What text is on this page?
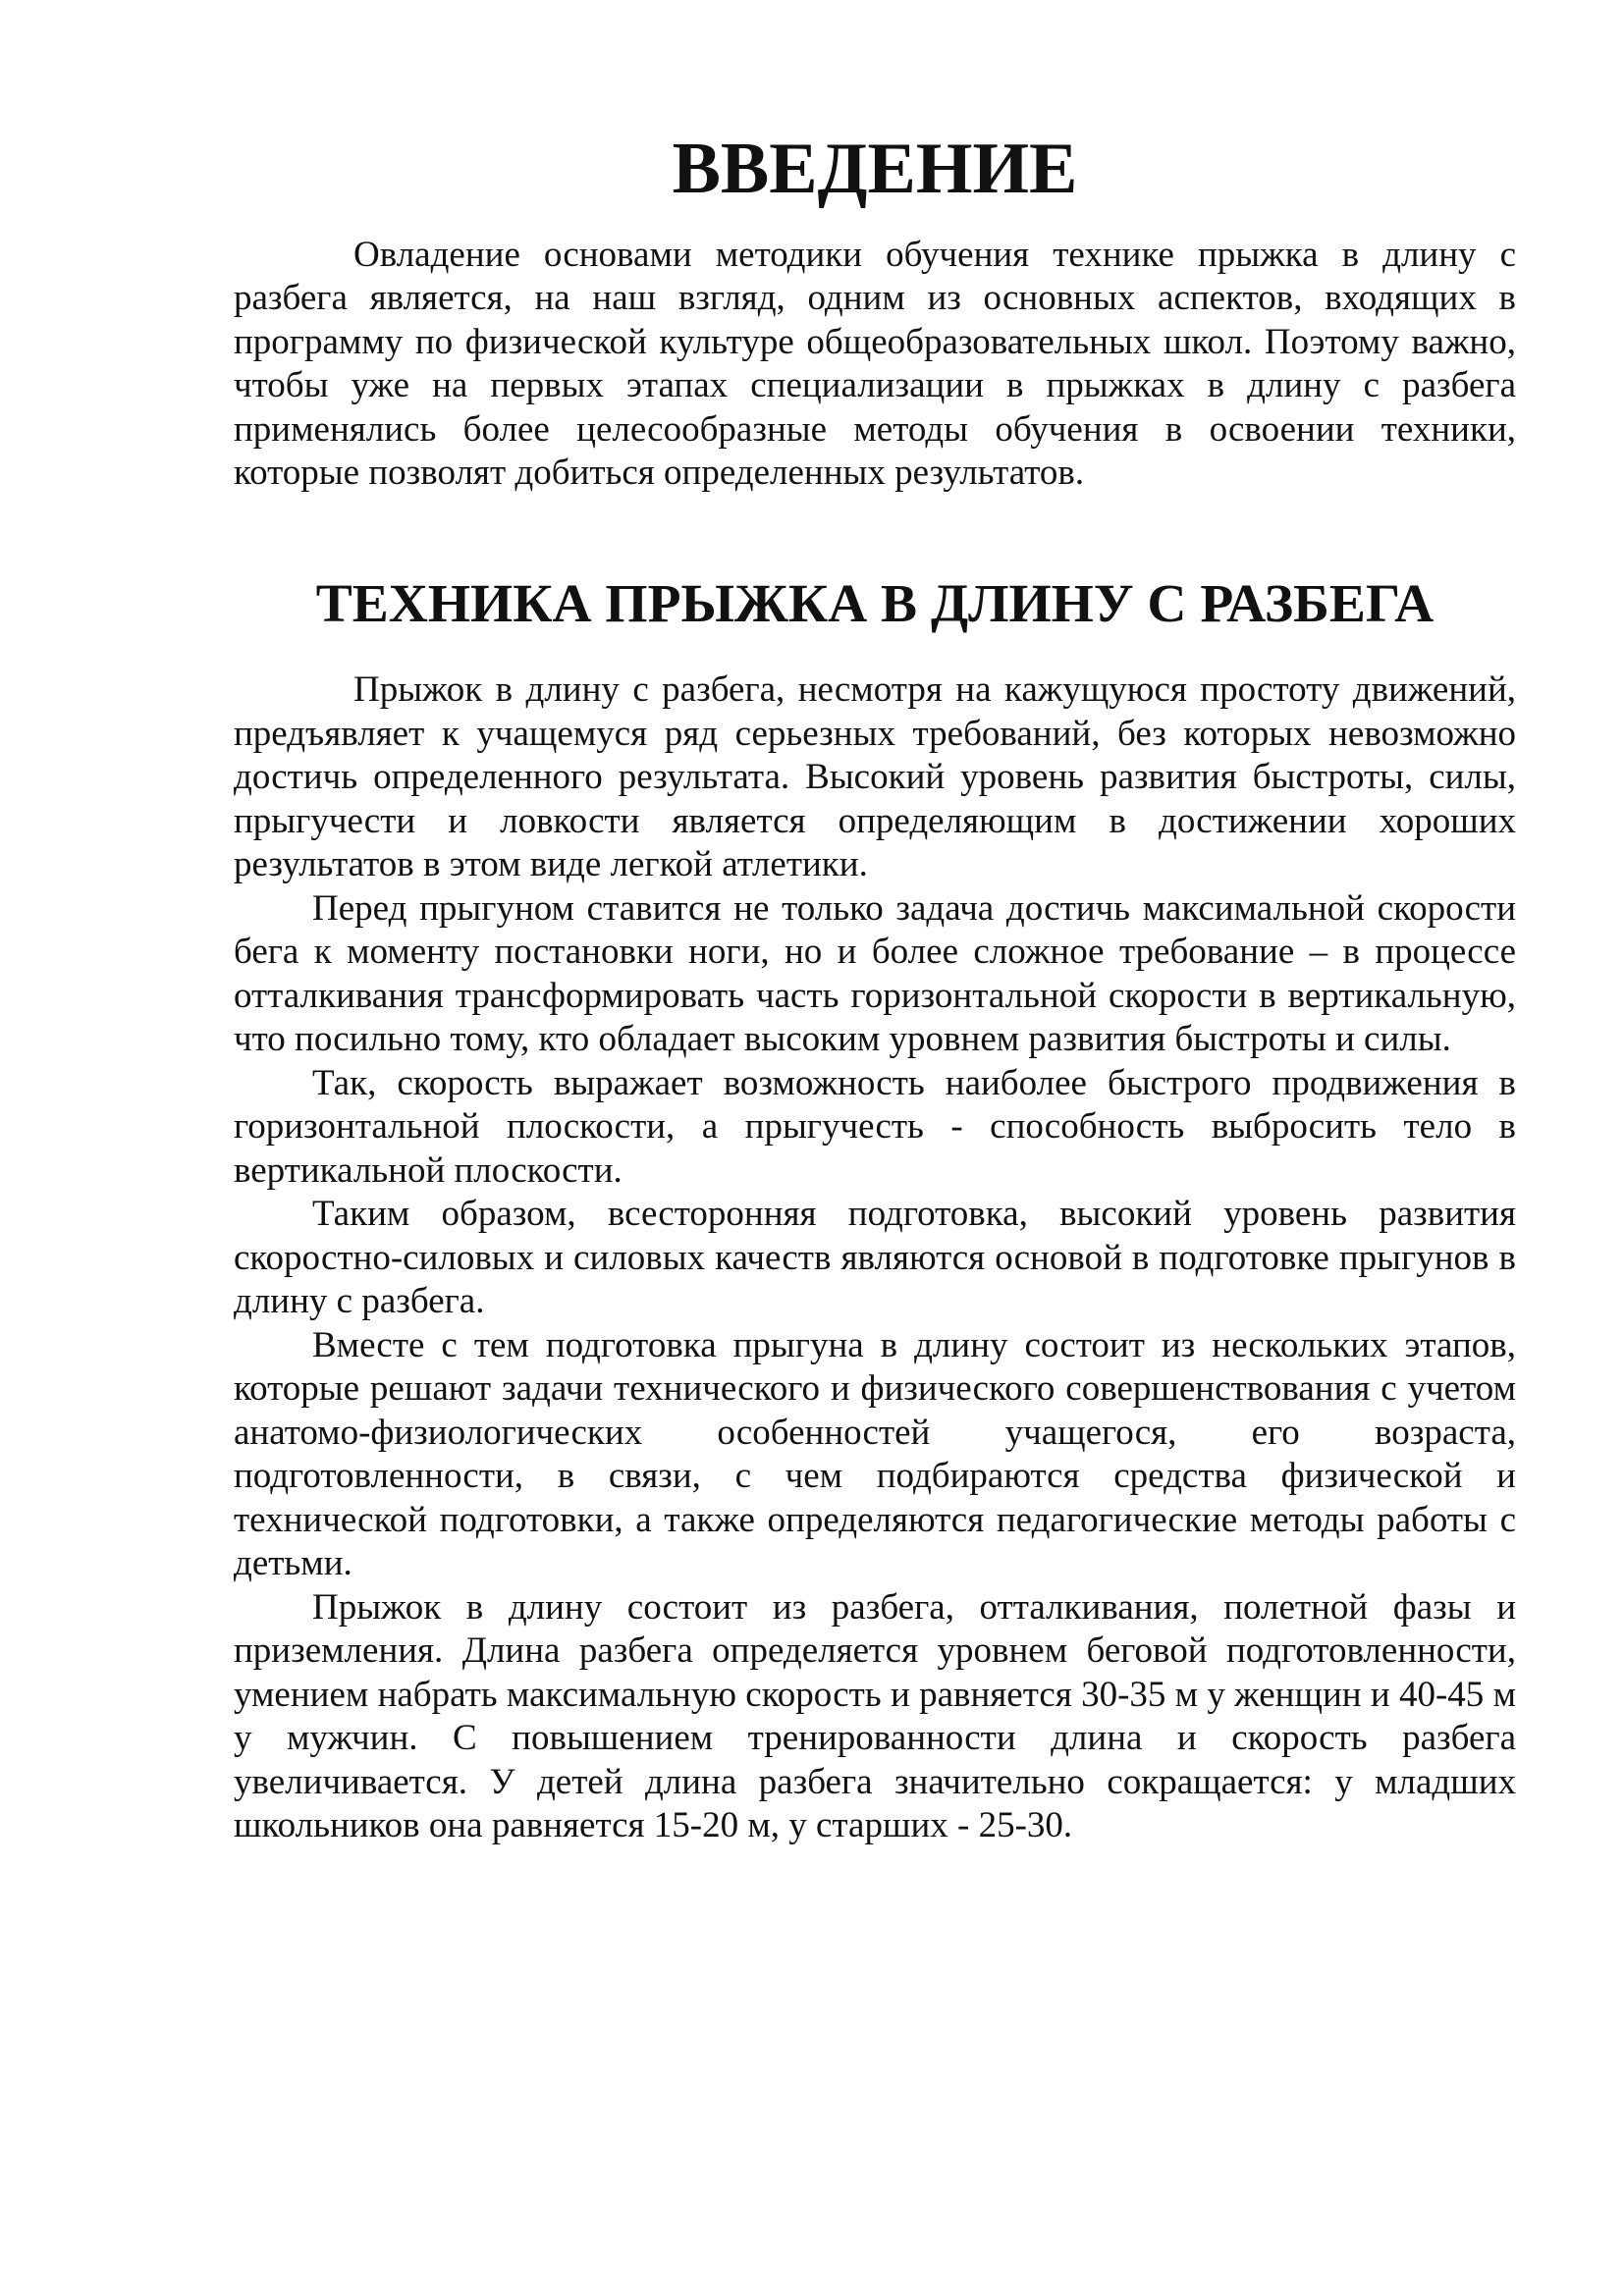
ВВЕДЕНИЕ

Овладение основами методики обучения технике прыжка в длину с разбега является, на наш взгляд, одним из основных аспектов, входящих в программу по физической культуре общеобразовательных школ. Поэтому важно, чтобы уже на первых этапах специализации в прыжках в длину с разбега применялись более целесообразные методы обучения в освоении техники, которые позволят добиться определенных результатов.

ТЕХНИКА ПРЫЖКА В ДЛИНУ С РАЗБЕГА

Прыжок в длину с разбега, несмотря на кажущуюся простоту движений, предъявляет к учащемуся ряд серьезных требований, без которых невозможно достичь определенного результата. Высокий уровень развития быстроты, силы, прыгучести и ловкости является определяющим в достижении хороших результатов в этом виде легкой атлетики.

Перед прыгуном ставится не только задача достичь максимальной скорости бега к моменту постановки ноги, но и более сложное требование – в процессе отталкивания трансформировать часть горизонтальной скорости в вертикальную, что посильно тому, кто обладает высоким уровнем развития быстроты и силы.

Так, скорость выражает возможность наиболее быстрого продвижения в горизонтальной плоскости, а прыгучесть - способность выбросить тело в вертикальной плоскости.

Таким образом, всесторонняя подготовка, высокий уровень развития скоростно-силовых и силовых качеств являются основой в подготовке прыгунов в длину с разбега.

Вместе с тем подготовка прыгуна в длину состоит из нескольких этапов, которые решают задачи технического и физического совершенствования с учетом анатомо-физиологических особенностей учащегося, его возраста, подготовленности, в связи, с чем подбираются средства физической и технической подготовки, а также определяются педагогические методы работы с детьми.

Прыжок в длину состоит из разбега, отталкивания, полетной фазы и приземления. Длина разбега определяется уровнем беговой подготовленности, умением набрать максимальную скорость и равняется 30-35 м у женщин и 40-45 м у мужчин. С повышением тренированности длина и скорость разбега увеличивается. У детей длина разбега значительно сокращается: у младших школьников она равняется 15-20 м, у старших - 25-30.
